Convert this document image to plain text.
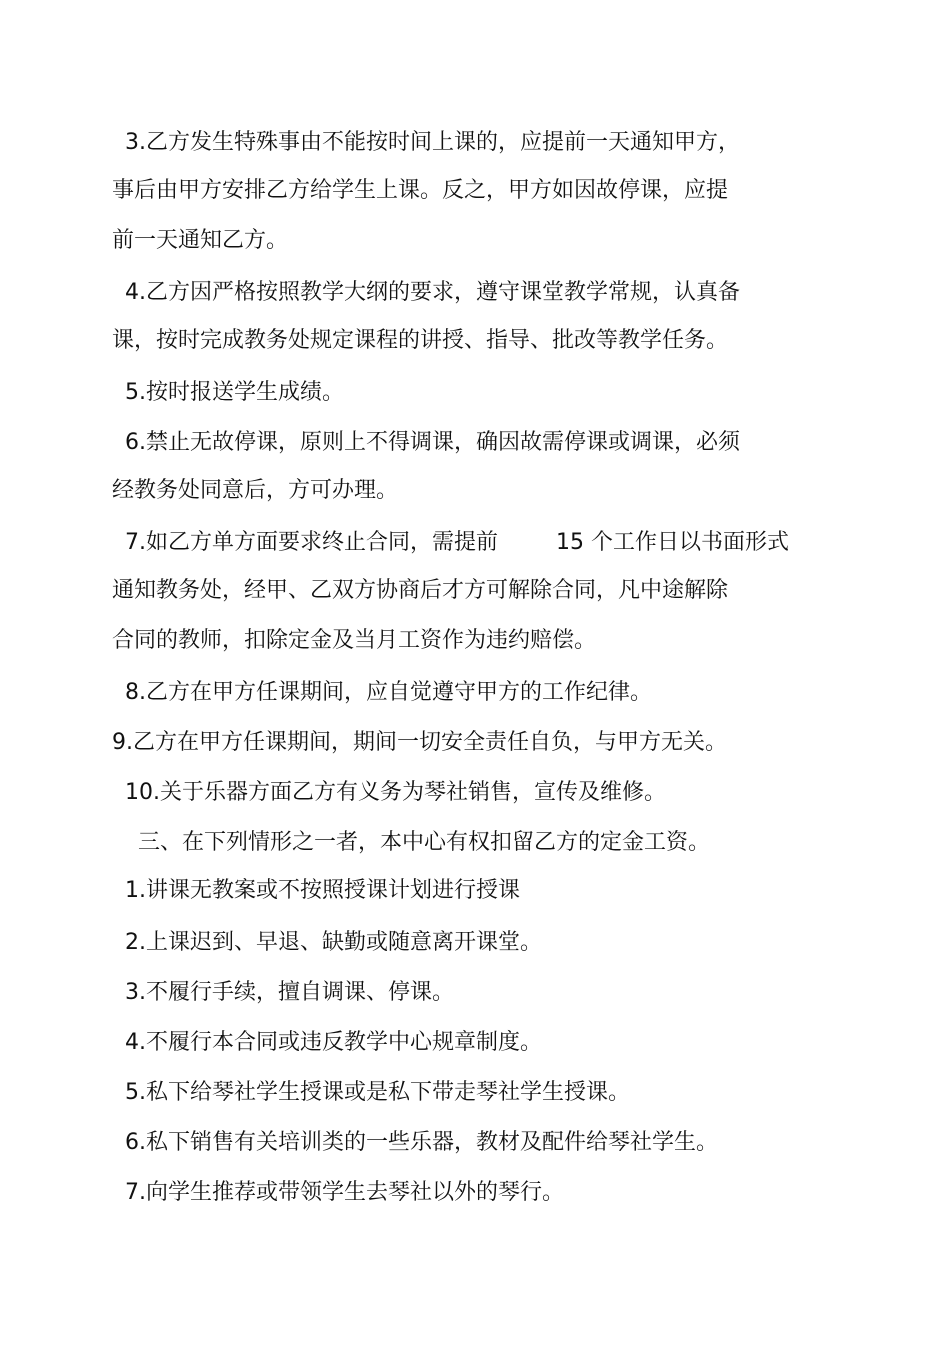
3.乙方发生特殊事由不能按时间上课的，应提前一天通知甲方，
事后由甲方安排乙方给学生上课。反之，甲方如因故停课，应提
前一天通知乙方。
4.乙方因严格按照教学大纲的要求，遵守课堂教学常规，认真备
课，按时完成教务处规定课程的讲授、指导、批改等教学任务。
5.按时报送学生成绩。
6.禁止无故停课，原则上不得调课，确因故需停课或调课，必须
经教务处同意后，方可办理。
7.如乙方单方面要求终止合同，需提前	15 个工作日以书面形式
通知教务处，经甲、乙双方协商后才方可解除合同，凡中途解除
合同的教师，扣除定金及当月工资作为违约赔偿。
8.乙方在甲方任课期间，应自觉遵守甲方的工作纪律。
9.乙方在甲方任课期间，期间一切安全责任自负，与甲方无关。
10.关于乐器方面乙方有义务为琴社销售，宣传及维修。
三、在下列情形之一者，本中心有权扣留乙方的定金工资。
1.讲课无教案或不按照授课计划进行授课
2.上课迟到、早退、缺勤或随意离开课堂。
3.不履行手续，擅自调课、停课。
4.不履行本合同或违反教学中心规章制度。
5.私下给琴社学生授课或是私下带走琴社学生授课。
6.私下销售有关培训类的一些乐器，教材及配件给琴社学生。
7.向学生推荐或带领学生去琴社以外的琴行。
